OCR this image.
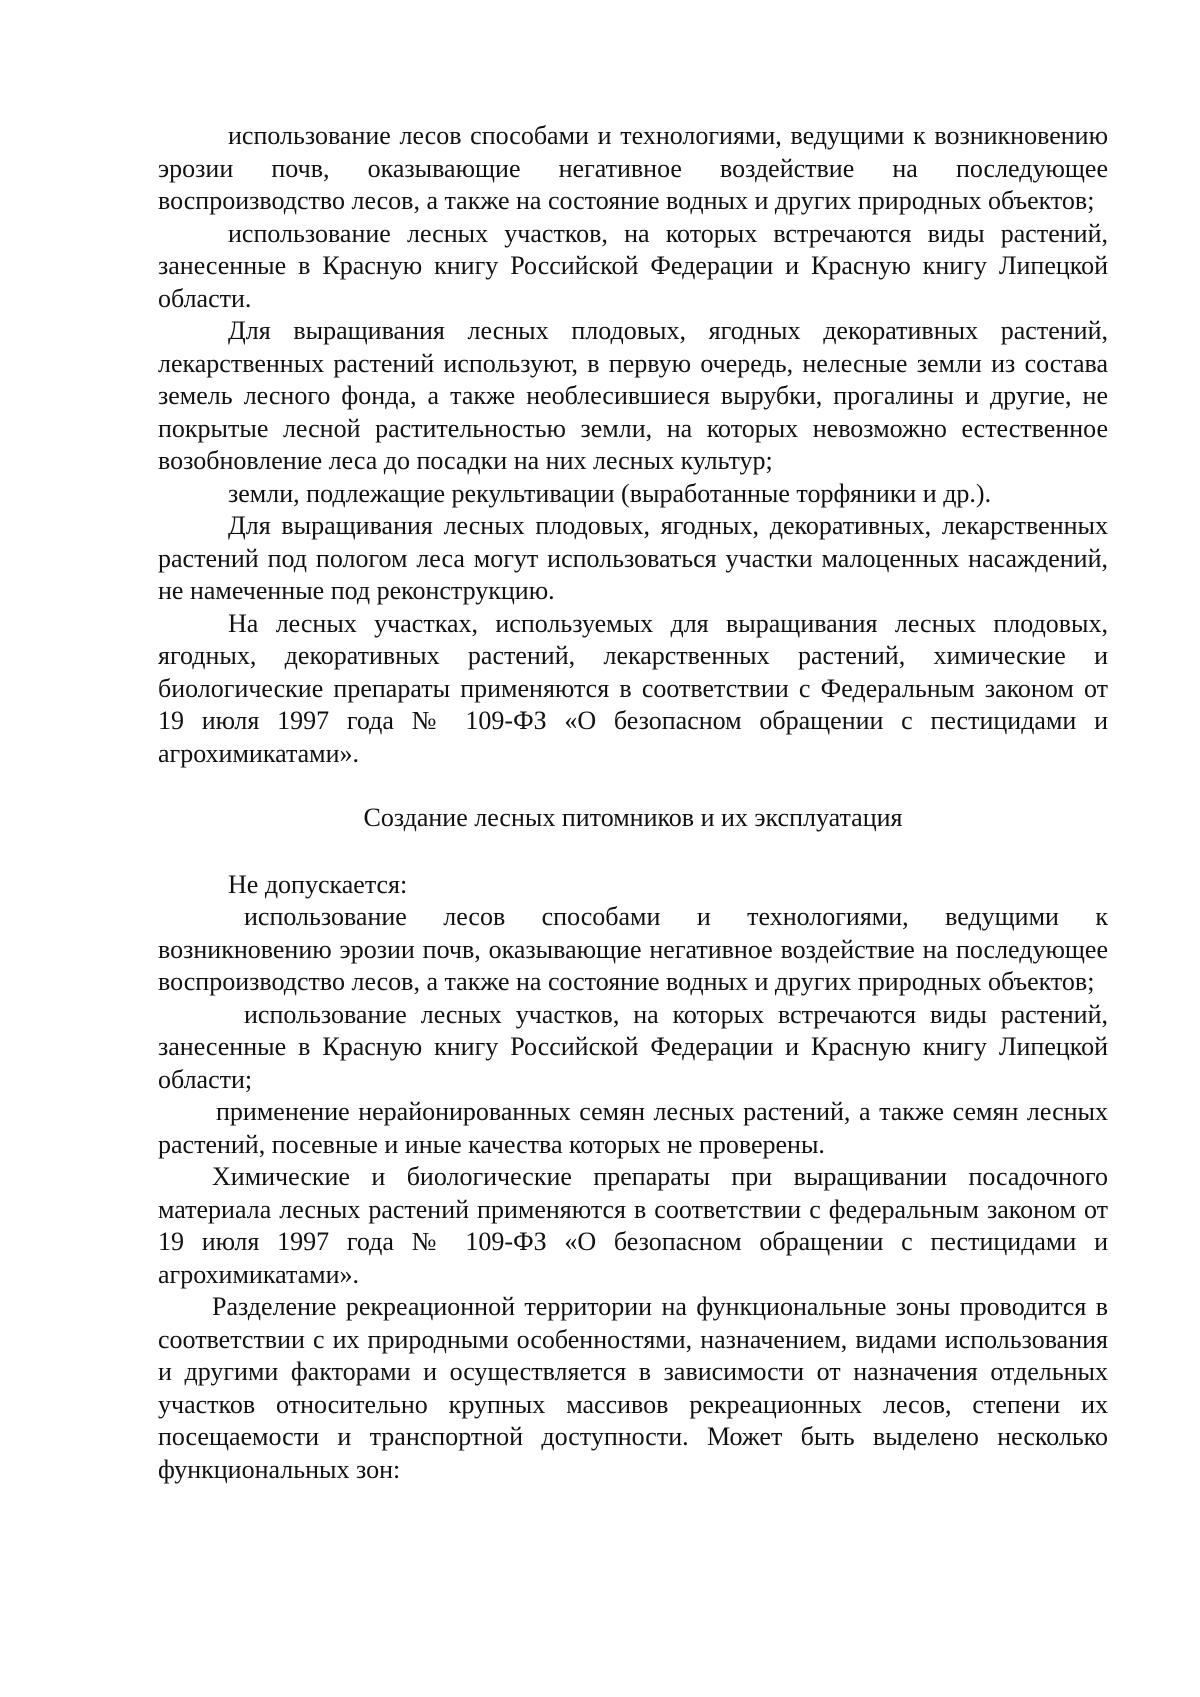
использование лесов способами и технологиями, ведущими к возникновению эрозии почв, оказывающие негативное воздействие на последующее воспроизводство лесов, а также на состояние водных и других природных объектов;

использование лесных участков, на которых встречаются виды растений, занесенные в Красную книгу Российской Федерации и Красную книгу Липецкой области.

Для выращивания лесных плодовых, ягодных декоративных растений, лекарственных растений используют, в первую очередь, нелесные земли из состава земель лесного фонда, а также необлесившиеся вырубки, прогалины и другие, не покрытые лесной растительностью земли, на которых невозможно естественное возобновление леса до посадки на них лесных культур;

земли, подлежащие рекультивации (выработанные торфяники и др.).

Для выращивания лесных плодовых, ягодных, декоративных, лекарственных растений под пологом леса могут использоваться участки малоценных насаждений, не намеченные под реконструкцию.

На лесных участках, используемых для выращивания лесных плодовых, ягодных, декоративных растений, лекарственных растений, химические и биологические препараты применяются в соответствии с Федеральным законом от 19 июля 1997 года № 109-ФЗ «О безопасном обращении с пестицидами и агрохимикатами».

Создание лесных питомников и их эксплуатация

Не допускается:

использование лесов способами и технологиями, ведущими к возникновению эрозии почв, оказывающие негативное воздействие на последующее воспроизводство лесов, а также на состояние водных и других природных объектов;

использование лесных участков, на которых встречаются виды растений, занесенные в Красную книгу Российской Федерации и Красную книгу Липецкой области;

применение нерайонированных семян лесных растений, а также семян лесных растений, посевные и иные качества которых не проверены.

Химические и биологические препараты при выращивании посадочного материала лесных растений применяются в соответствии с федеральным законом от 19 июля 1997 года № 109-ФЗ «О безопасном обращении с пестицидами и агрохимикатами».

Разделение рекреационной территории на функциональные зоны проводится в соответствии с их природными особенностями, назначением, видами использования и другими факторами и осуществляется в зависимости от назначения отдельных участков относительно крупных массивов рекреационных лесов, степени их посещаемости и транспортной доступности. Может быть выделено несколько функциональных зон:
